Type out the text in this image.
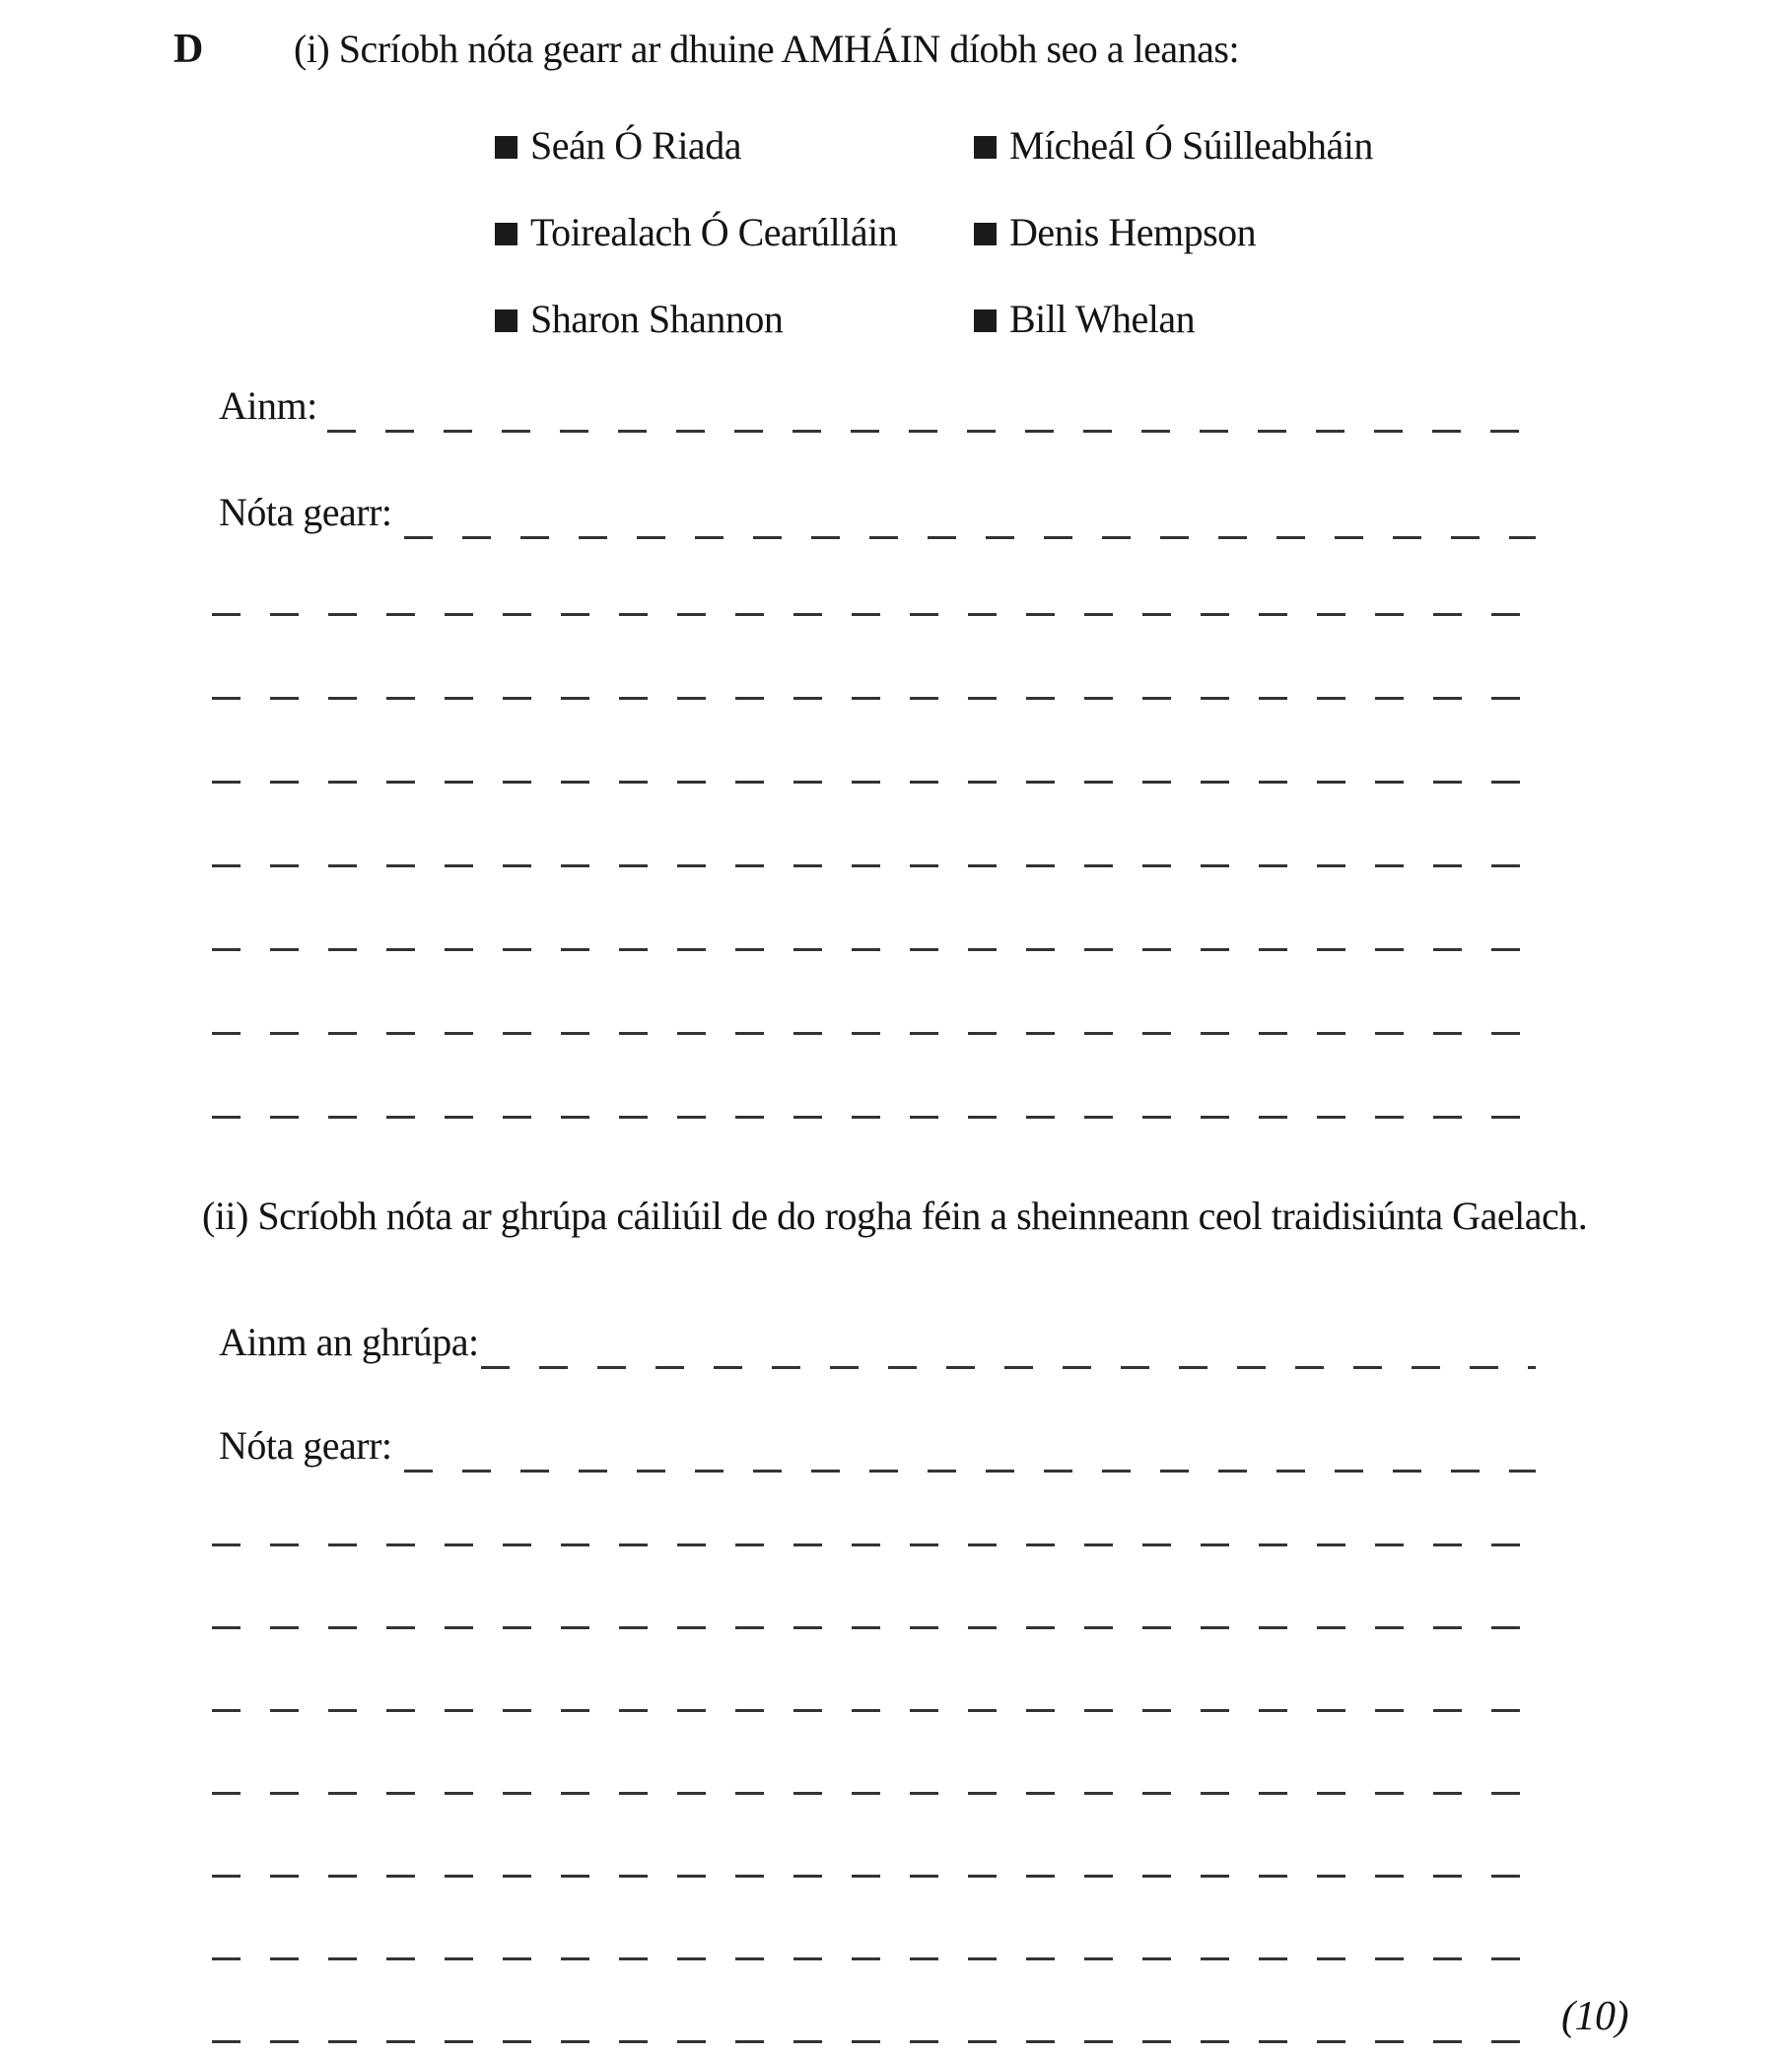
D (i) Scríobh nóta gearr ar dhuine AMHÁIN díobh seo a leanas:
Seán Ó Riada
Toirealach Ó Cearúlláin
Sharon Shannon
Mícheál Ó Súilleabháin
Denis Hempson
Bill Whelan
Ainm:
Nóta gearr:
(ii) Scríobh nóta ar ghrúpa cáiliúil de do rogha féin a sheinneann ceol traidisiúnta Gaelach.
Ainm an ghrúpa:
Nóta gearr:
(10)
